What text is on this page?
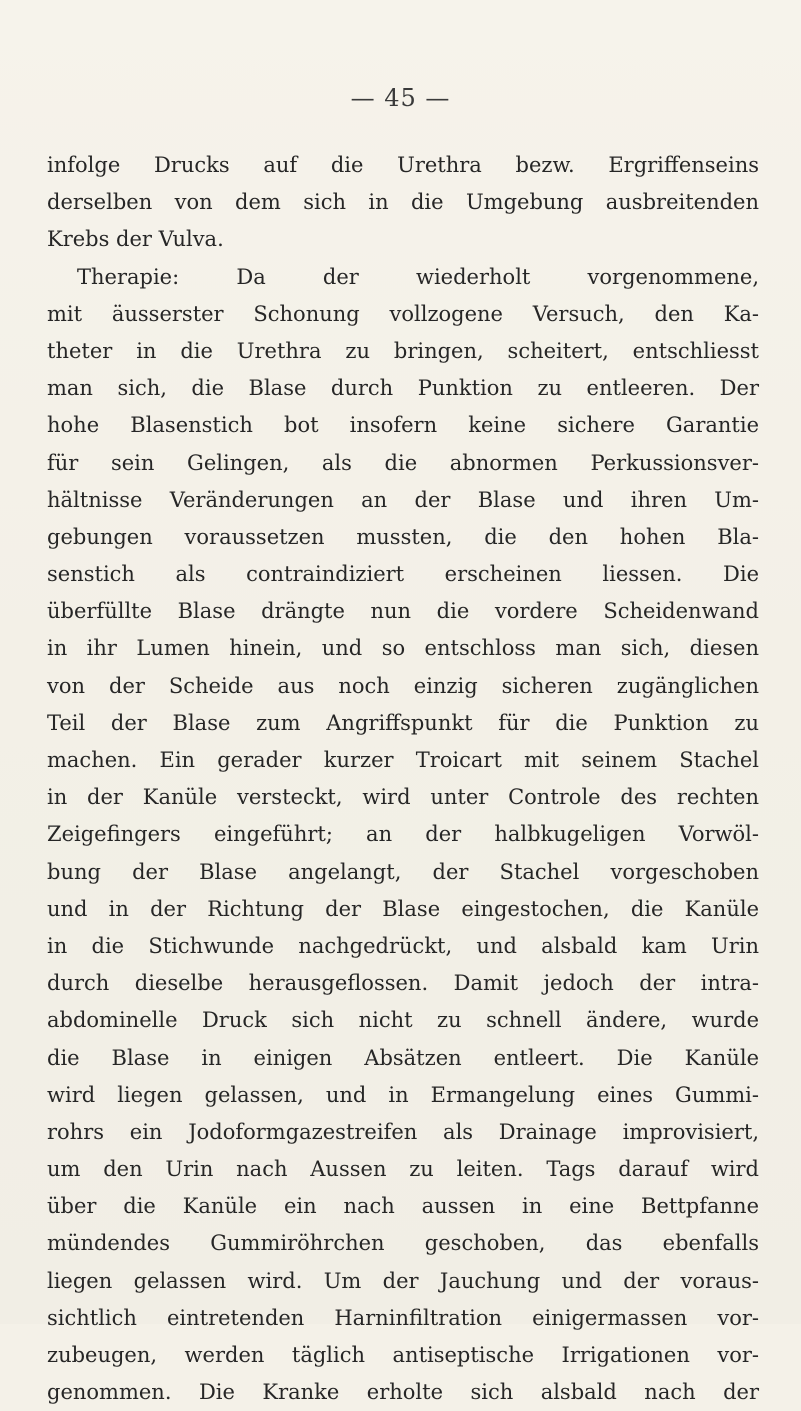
— 45 —
infolge Drucks auf die Urethra bezw. Ergriffenseins
derselben von dem sich in die Umgebung ausbreitenden
Krebs der Vulva.
Therapie: Da der wiederholt vorgenommene,
mit äusserster Schonung vollzogene Versuch, den Ka-
theter in die Urethra zu bringen, scheitert, entschliesst
man sich, die Blase durch Punktion zu entleeren. Der
hohe Blasenstich bot insofern keine sichere Garantie
für sein Gelingen, als die abnormen Perkussionsver-
hältnisse Veränderungen an der Blase und ihren Um-
gebungen voraussetzen mussten, die den hohen Bla-
senstich als contraindiziert erscheinen liessen. Die
überfüllte Blase drängte nun die vordere Scheidenwand
in ihr Lumen hinein, und so entschloss man sich, diesen
von der Scheide aus noch einzig sicheren zugänglichen
Teil der Blase zum Angriffspunkt für die Punktion zu
machen. Ein gerader kurzer Troicart mit seinem Stachel
in der Kanüle versteckt, wird unter Controle des rechten
Zeigefingers eingeführt; an der halbkugeligen Vorwöl-
bung der Blase angelangt, der Stachel vorgeschoben
und in der Richtung der Blase eingestochen, die Kanüle
in die Stichwunde nachgedrückt, und alsbald kam Urin
durch dieselbe herausgeflossen. Damit jedoch der intra-
abdominelle Druck sich nicht zu schnell ändere, wurde
die Blase in einigen Absätzen entleert. Die Kanüle
wird liegen gelassen, und in Ermangelung eines Gummi-
rohrs ein Jodoformgazestreifen als Drainage improvisiert,
um den Urin nach Aussen zu leiten. Tags darauf wird
über die Kanüle ein nach aussen in eine Bettpfanne
mündendes Gummiröhrchen geschoben, das ebenfalls
liegen gelassen wird. Um der Jauchung und der voraus-
sichtlich eintretenden Harninfiltration einigermassen vor-
zubeugen, werden täglich antiseptische Irrigationen vor-
genommen. Die Kranke erholte sich alsbald nach der
